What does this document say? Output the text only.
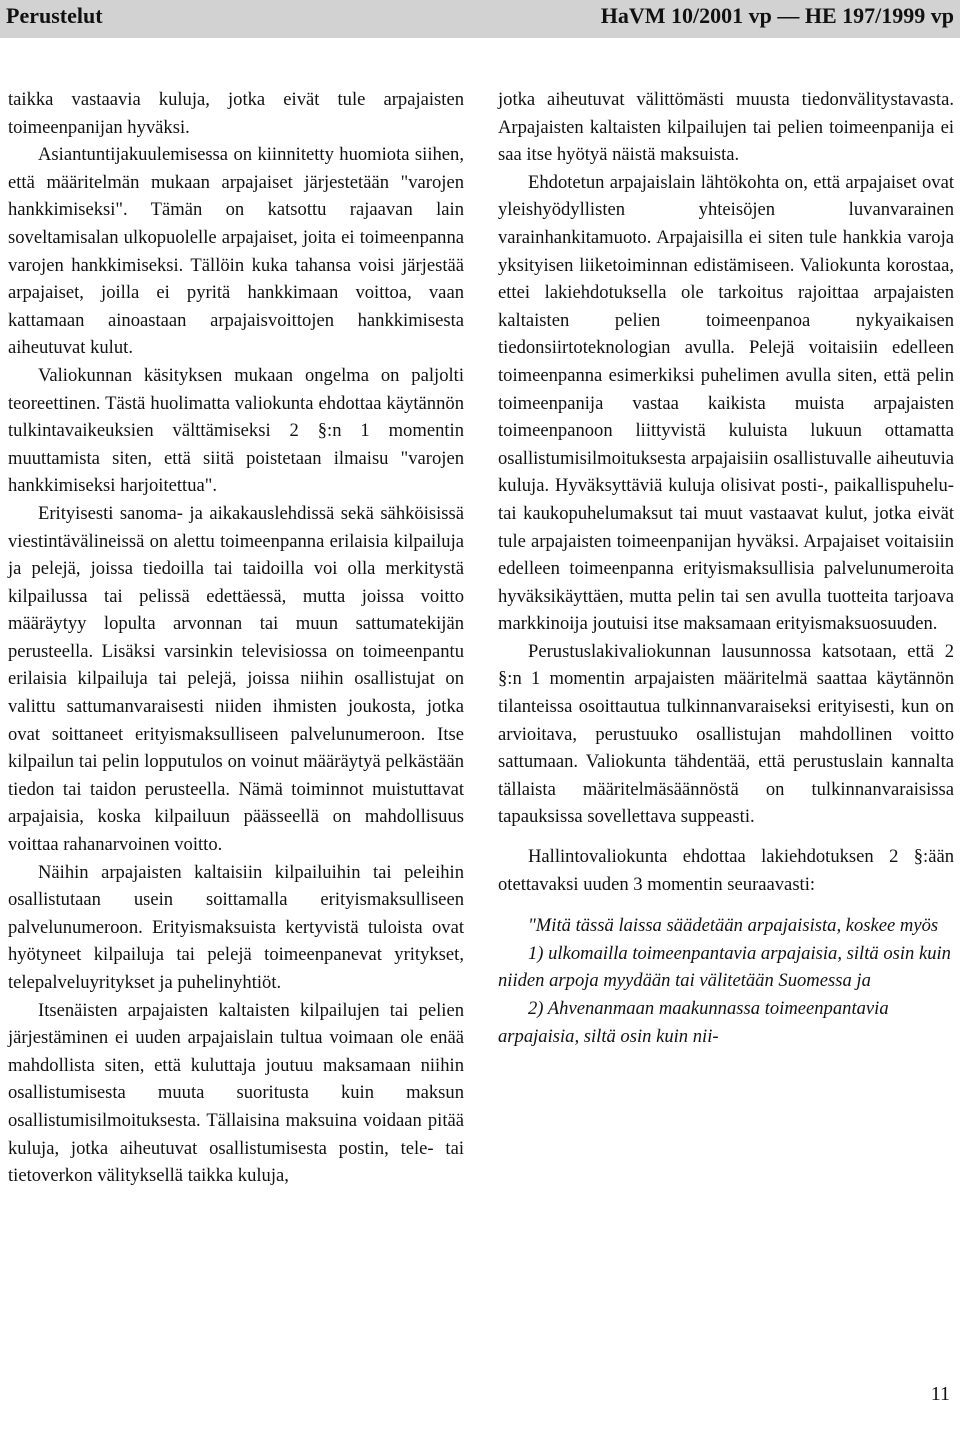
Perustelut	HaVM 10/2001 vp — HE 197/1999 vp

taikka vastaavia kuluja, jotka eivät tule arpajaisten toimeenpanijan hyväksi.

Asiantuntijakuulemisessa on kiinnitetty huomiota siihen, että määritelmän mukaan arpajaiset järjestetään "varojen hankkimiseksi". Tämän on katsottu rajaavan lain soveltamisalan ulkopuolelle arpajaiset, joita ei toimeenpanna varojen hankkimiseksi. Tällöin kuka tahansa voisi järjestää arpajaiset, joilla ei pyritä hankkimaan voittoa, vaan kattamaan ainoastaan arpajaisvoittojen hankkimisesta aiheutuvat kulut.

Valiokunnan käsityksen mukaan ongelma on paljolti teoreettinen. Tästä huolimatta valiokunta ehdottaa käytännön tulkintavaikeuksien välttämiseksi 2 §:n 1 momentin muuttamista siten, että siitä poistetaan ilmaisu "varojen hankkimiseksi harjoitettua".

Erityisesti sanoma- ja aikakauslehdissä sekä sähköisissä viestintävälineissä on alettu toimeenpanna erilaisia kilpailuja ja pelejä, joissa tiedoilla tai taidoilla voi olla merkitystä kilpailussa tai pelissä edettäessä, mutta joissa voitto määräytyy lopulta arvonnan tai muun sattumatekijän perusteella. Lisäksi varsinkin televisiossa on toimeenpantu erilaisia kilpailuja tai pelejä, joissa niihin osallistujat on valittu sattumanvaraisesti niiden ihmisten joukosta, jotka ovat soittaneet erityismaksulliseen palvelunumeroon. Itse kilpailun tai pelin lopputulos on voinut määräytyä pelkästään tiedon tai taidon perusteella. Nämä toiminnot muistuttavat arpajaisia, koska kilpailuun päässeellä on mahdollisuus voittaa rahanarvoinen voitto.

Näihin arpajaisten kaltaisiin kilpailuihin tai peleihin osallistutaan usein soittamalla erityismaksulliseen palvelunumeroon. Erityismaksuista kertyvistä tuloista ovat hyötyneet kilpailuja tai pelejä toimeenpanevat yritykset, telepalveluyritykset ja puhelinyhtiöt.

Itsenäisten arpajaisten kaltaisten kilpailujen tai pelien järjestäminen ei uuden arpajaislain tultua voimaan ole enää mahdollista siten, että kuluttaja joutuu maksamaan niihin osallistumisesta muuta suoritusta kuin maksun osallistumisilmoituksesta. Tällaisina maksuina voidaan pitää kuluja, jotka aiheutuvat osallistumisesta postin, tele- tai tietoverkon välityksellä taikka kuluja,

jotka aiheutuvat välittömästi muusta tiedonvälitystavasta. Arpajaisten kaltaisten kilpailujen tai pelien toimeenpanija ei saa itse hyötyä näistä maksuista.

Ehdotetun arpajaislain lähtökohta on, että arpajaiset ovat yleishyödyllisten yhteisöjen luvanvarainen varainhankitamuoto. Arpajaisilla ei siten tule hankkia varoja yksityisen liiketoiminnan edistämiseen. Valiokunta korostaa, ettei lakiehdotuksella ole tarkoitus rajoittaa arpajaisten kaltaisten pelien toimeenpanoa nykyaikaisen tiedonsiirtoteknologian avulla. Pelejä voitaisiin edelleen toimeenpanna esimerkiksi puhelimen avulla siten, että pelin toimeenpanija vastaa kaikista muista arpajaisten toimeenpanoon liittyvistä kuluista lukuun ottamatta osallistumisilmoituksesta arpajaisiin osallistuvalle aiheutuvia kuluja. Hyväksyttäviä kuluja olisivat posti-, paikallispuhelu- tai kaukopuhelumaksut tai muut vastaavat kulut, jotka eivät tule arpajaisten toimeenpanijan hyväksi. Arpajaiset voitaisiin edelleen toimeenpanna erityismaksullisia palvelunumeroita hyväksikäyttäen, mutta pelin tai sen avulla tuotteita tarjoava markkinoija joutuisi itse maksamaan erityismaksuosuuden.

Perustuslakivaliokunnan lausunnossa katsotaan, että 2 §:n 1 momentin arpajaisten määritelmä saattaa käytännön tilanteissa osoittautua tulkinnanvaraiseksi erityisesti, kun on arvioitava, perustuuko osallistujan mahdollinen voitto sattumaan. Valiokunta tähdentää, että perustuslain kannalta tällaista määritelmäsäännöstä on tulkinnanvaraisissa tapauksissa sovellettava suppeasti.

Hallintovaliokunta ehdottaa lakiehdotuksen 2 §:ään otettavaksi uuden 3 momentin seuraavasti:

"Mitä tässä laissa säädetään arpajaisista, koskee myös

1) ulkomailla toimeenpantavia arpajaisia, siltä osin kuin niiden arpoja myydään tai välitetään Suomessa ja

2) Ahvenanmaan maakunnassa toimeenpantavia arpajaisia, siltä osin kuin nii-

11
